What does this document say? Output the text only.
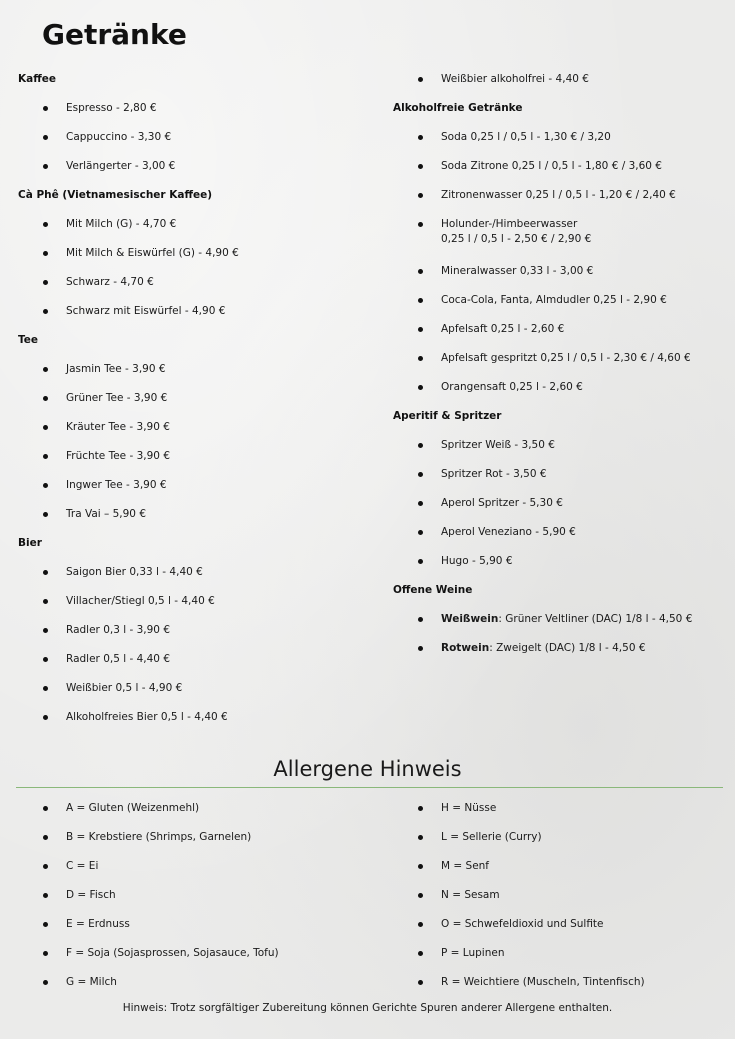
Getränke
Kaffee
Espresso - 2,80 €
Cappuccino - 3,30 €
Verlängerter - 3,00 €
Cà Phê (Vietnamesischer Kaffee)
Mit Milch (G) - 4,70 €
Mit Milch & Eiswürfel (G) - 4,90 €
Schwarz - 4,70 €
Schwarz mit Eiswürfel - 4,90 €
Tee
Jasmin Tee - 3,90 €
Grüner Tee - 3,90 €
Kräuter Tee - 3,90 €
Früchte Tee - 3,90 €
Ingwer Tee - 3,90 €
Tra Vai – 5,90 €
Bier
Saigon Bier 0,33 l - 4,40 €
Villacher/Stiegl 0,5 l - 4,40 €
Radler 0,3 l - 3,90 €
Radler 0,5 l - 4,40 €
Weißbier 0,5 l - 4,90 €
Alkoholfreies Bier 0,5 l - 4,40 €
Weißbier alkoholfrei - 4,40 €
Alkoholfreie Getränke
Soda 0,25 l / 0,5 l - 1,30 € / 3,20
Soda Zitrone 0,25 l / 0,5 l - 1,80 € / 3,60 €
Zitronenwasser 0,25 l / 0,5 l - 1,20 € / 2,40 €
Holunder-/Himbeerwasser
0,25 l / 0,5 l - 2,50 € / 2,90 €
Mineralwasser 0,33 l - 3,00 €
Coca-Cola, Fanta, Almdudler 0,25 l - 2,90 €
Apfelsaft 0,25 l - 2,60 €
Apfelsaft gespritzt 0,25 l / 0,5 l - 2,30 € / 4,60 €
Orangensaft 0,25 l - 2,60 €
Aperitif & Spritzer
Spritzer Weiß - 3,50 €
Spritzer Rot - 3,50 €
Aperol Spritzer - 5,30 €
Aperol Veneziano - 5,90 €
Hugo - 5,90 €
Offene Weine
Weißwein: Grüner Veltliner (DAC) 1/8 l - 4,50 €
Rotwein: Zweigelt (DAC) 1/8 l - 4,50 €
Allergene Hinweis
A = Gluten (Weizenmehl)
B = Krebstiere (Shrimps, Garnelen)
C = Ei
D = Fisch
E = Erdnuss
F = Soja (Sojasprossen, Sojasauce, Tofu)
G = Milch
H = Nüsse
L = Sellerie (Curry)
M = Senf
N = Sesam
O = Schwefeldioxid und Sulfite
P = Lupinen
R = Weichtiere (Muscheln, Tintenfisch)
Hinweis: Trotz sorgfältiger Zubereitung können Gerichte Spuren anderer Allergene enthalten.
